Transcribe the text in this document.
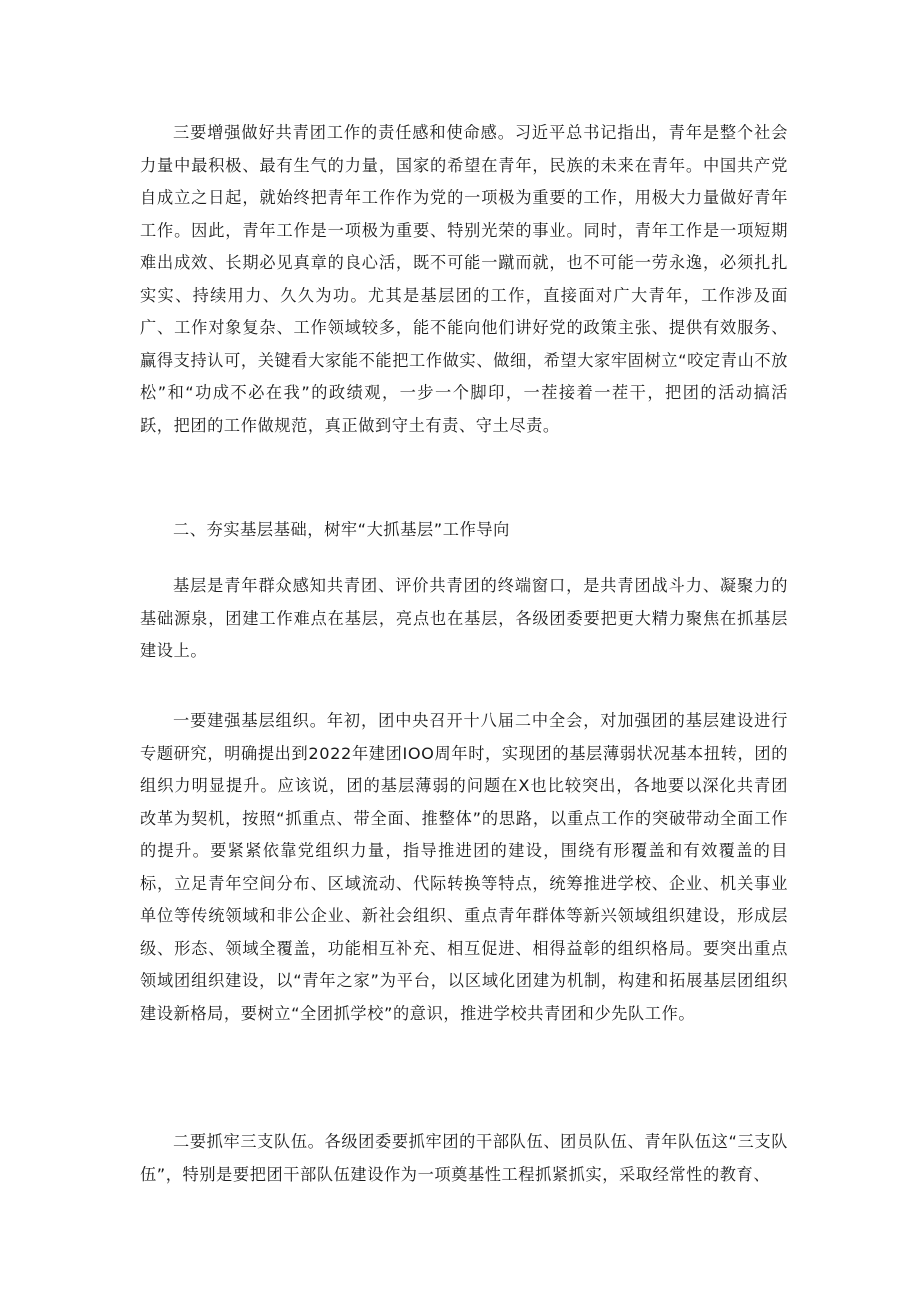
三要增强做好共青团工作的责任感和使命感。习近平总书记指出，青年是整个社会力量中最积极、最有生气的力量，国家的希望在青年，民族的未来在青年。中国共产党自成立之日起，就始终把青年工作作为党的一项极为重要的工作，用极大力量做好青年工作。因此，青年工作是一项极为重要、特别光荣的事业。同时，青年工作是一项短期难出成效、长期必见真章的良心活，既不可能一蹴而就，也不可能一劳永逸，必须扎扎实实、持续用力、久久为功。尤其是基层团的工作，直接面对广大青年，工作涉及面广、工作对象复杂、工作领域较多，能不能向他们讲好党的政策主张、提供有效服务、赢得支持认可，关键看大家能不能把工作做实、做细，希望大家牢固树立“咬定青山不放松”和“功成不必在我”的政绩观，一步一个脚印，一茬接着一茬干，把团的活动搞活跃，把团的工作做规范，真正做到守土有责、守土尽责。

二、夯实基层基础，树牢“大抓基层”工作导向

基层是青年群众感知共青团、评价共青团的终端窗口，是共青团战斗力、凝聚力的基础源泉，团建工作难点在基层，亮点也在基层，各级团委要把更大精力聚焦在抓基层建设上。

一要建强基层组织。年初，团中央召开十八届二中全会，对加强团的基层建设进行专题研究，明确提出到2022年建团IOO周年时，实现团的基层薄弱状况基本扭转，团的组织力明显提升。应该说，团的基层薄弱的问题在X也比较突出，各地要以深化共青团改革为契机，按照“抓重点、带全面、推整体”的思路，以重点工作的突破带动全面工作的提升。要紧紧依靠党组织力量，指导推进团的建设，围绕有形覆盖和有效覆盖的目标，立足青年空间分布、区域流动、代际转换等特点，统筹推进学校、企业、机关事业单位等传统领域和非公企业、新社会组织、重点青年群体等新兴领域组织建设，形成层级、形态、领域全覆盖，功能相互补充、相互促进、相得益彰的组织格局。要突出重点领域团组织建设，以“青年之家”为平台，以区域化团建为机制，构建和拓展基层团组织建设新格局，要树立“全团抓学校”的意识，推进学校共青团和少先队工作。

二要抓牢三支队伍。各级团委要抓牢团的干部队伍、团员队伍、青年队伍这“三支队伍”，特别是要把团干部队伍建设作为一项奠基性工程抓紧抓实，采取经常性的教育、
